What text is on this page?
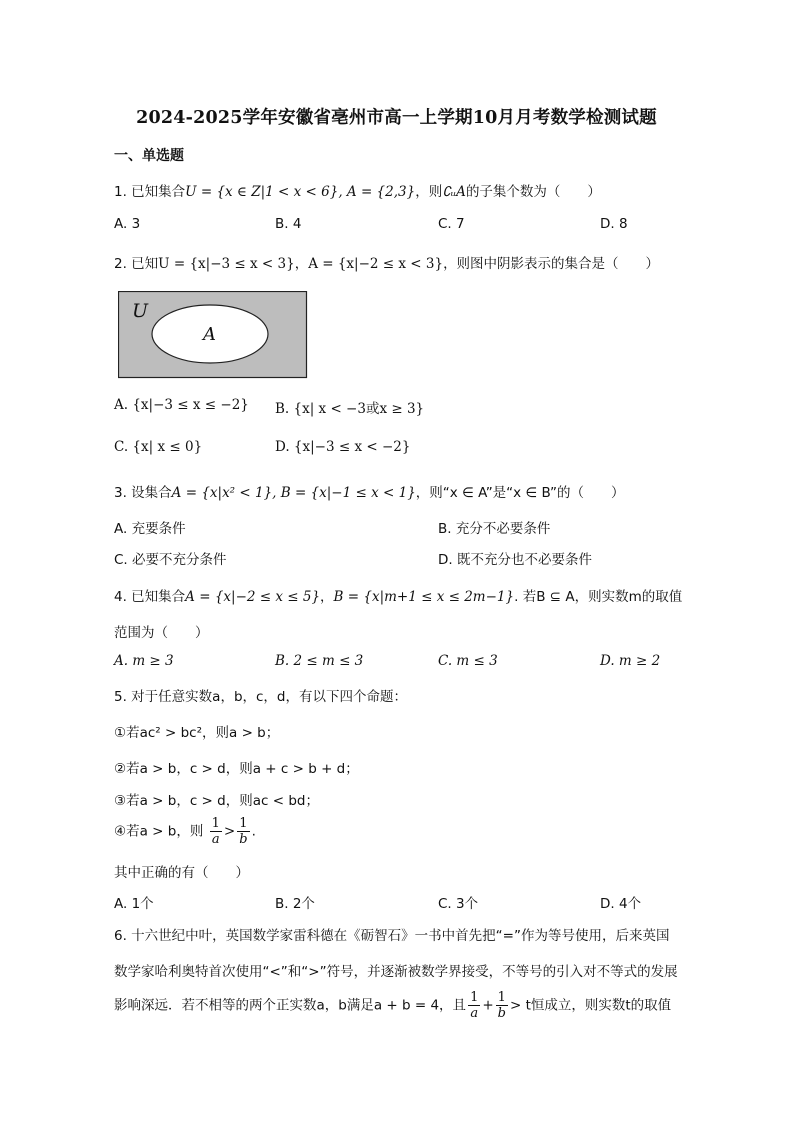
2024-2025学年安徽省亳州市高一上学期10月月考数学检测试题
一、单选题
1. 已知集合U = {x ∈ Z|1 < x < 6}, A = {2,3}，则∁ᵤA的子集个数为（　　）
A. 3	B. 4	C. 7	D. 8
2. 已知U = {x|−3 ≤ x < 3}，A = {x|−2 ≤ x < 3}，则图中阴影表示的集合是（　　）
U
A
A. {x|−3 ≤ x ≤ −2} B. {x| x < −3或x ≥ 3}
C. {x| x ≤ 0}	D. {x|−3 ≤ x < −2}
3. 设集合A = {x|x² < 1}, B = {x|−1 ≤ x < 1}，则“x ∈ A”是“x ∈ B”的（　　）
A. 充要条件	B. 充分不必要条件
C. 必要不充分条件	D. 既不充分也不必要条件
4. 已知集合A = {x|−2 ≤ x ≤ 5}，B = {x|m+1 ≤ x ≤ 2m−1}. 若B ⊆ A，则实数m的取值
范围为（　　）
A. m ≥ 3	B. 2 ≤ m ≤ 3	C. m ≤ 3	D. m ≥ 2
5. 对于任意实数a，b，c，d，有以下四个命题：
①若ac² > bc²，则a > b；
②若a > b，c > d，则a + c > b + d；
③若a > b，c > d，则ac < bd；
④若a > b，则 $\frac{1}{a} > \frac{1}{b}$ .
其中正确的有（　　）
A. 1个	B. 2个	C. 3个	D. 4个
6. 十六世纪中叶，英国数学家雷科德在《砺智石》一书中首先把“=”作为等号使用，后来英国
数学家哈利奥特首次使用“<”和“>”符号，并逐渐被数学界接受，不等号的引入对不等式的发展
影响深远．若不相等的两个正实数a，b满足a + b = 4，且 $\frac{1}{a} + \frac{1}{b} > t$恒成立，则实数t的取值
